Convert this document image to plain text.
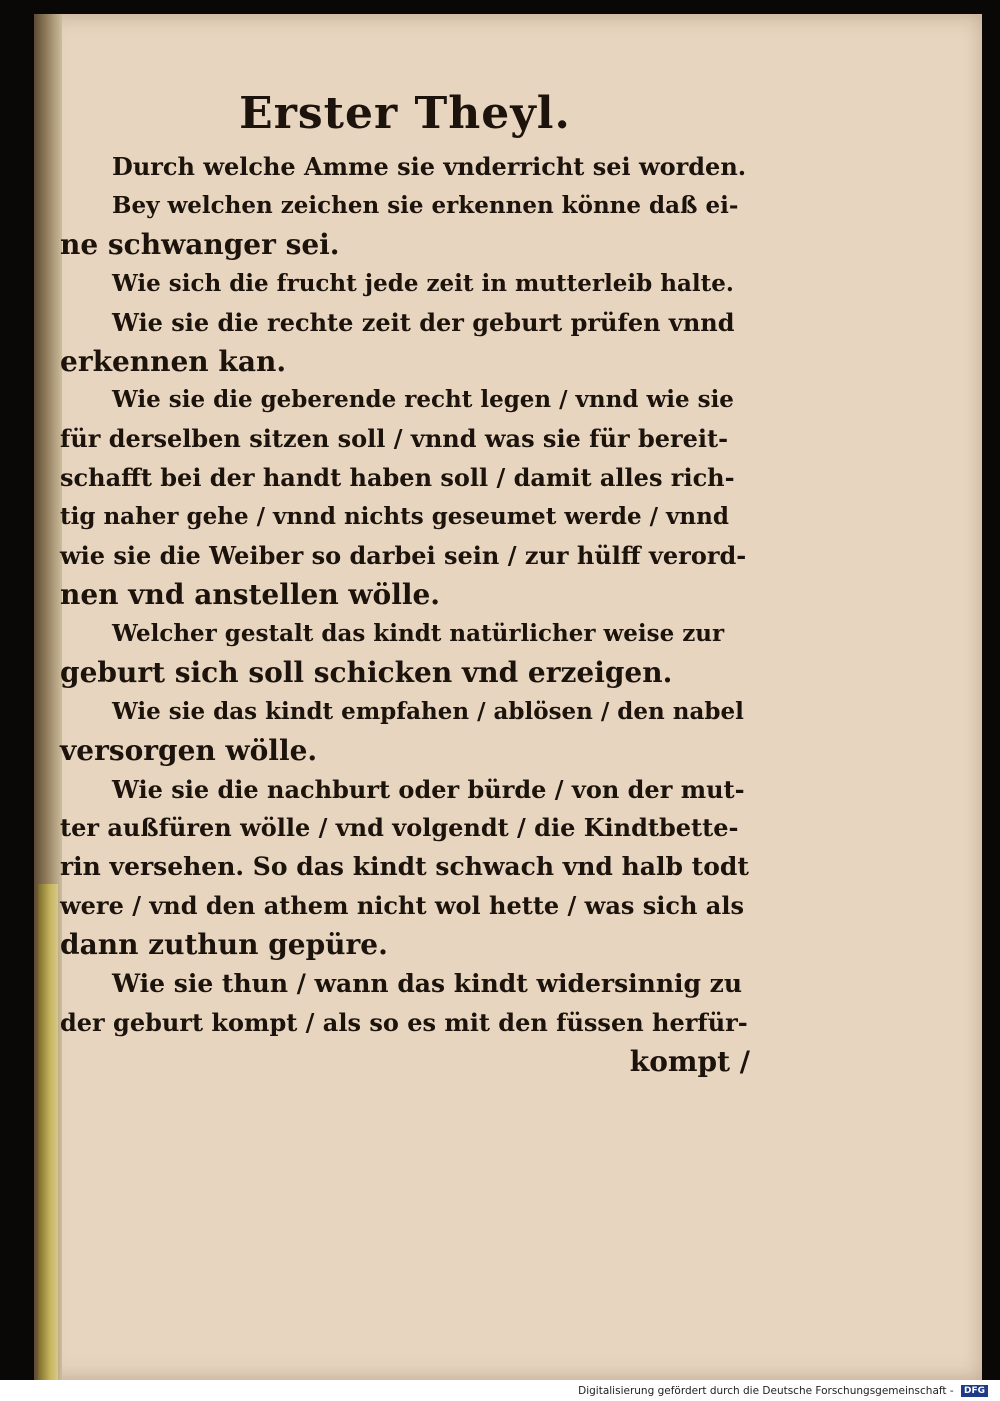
Erster Theyl.

Durch welche Amme sie vnderricht sei worden.

Bey welchen zeichen sie erkennen könne daß ei-

ne schwanger sei.

Wie sich die frucht jede zeit in mutterleib halte.

Wie sie die rechte zeit der geburt prüfen vnnd

erkennen kan.

Wie sie die geberende recht legen / vnnd wie sie

für derselben sitzen soll / vnnd was sie für bereit-

schafft bei der handt haben soll / damit alles rich-

tig naher gehe / vnnd nichts geseumet werde / vnnd

wie sie die Weiber so darbei sein / zur hülff verord-

nen vnd anstellen wölle.

Welcher gestalt das kindt natürlicher weise zur

geburt sich soll schicken vnd erzeigen.

Wie sie das kindt empfahen / ablösen / den nabel

versorgen wölle.

Wie sie die nachburt oder bürde / von der mut-

ter außfüren wölle / vnd volgendt / die Kindtbette-

rin versehen. So das kindt schwach vnd halb todt

were / vnd den athem nicht wol hette / was sich als

dann zuthun gepüre.

Wie sie thun / wann das kindt widersinnig zu

der geburt kompt / als so es mit den füssen herfür-

kompt /

Digitalisierung gefördert durch die Deutsche Forschungsgemeinschaft - DFG
